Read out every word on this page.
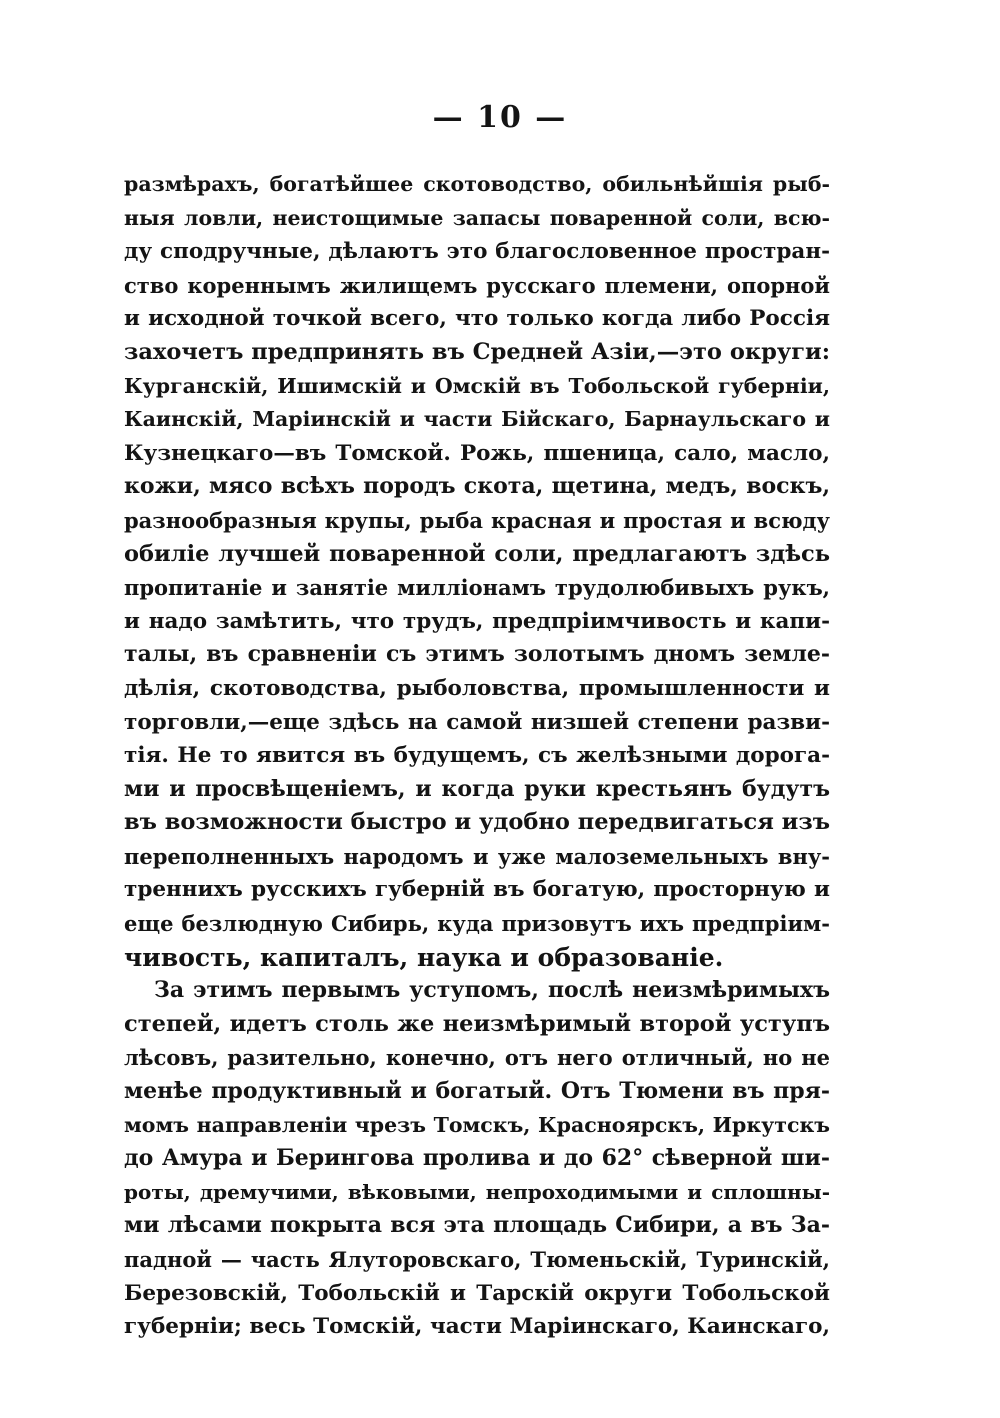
— 10 —
размѣрахъ, богатѣйшее скотоводство, обильнѣйшія рыб-
ныя ловли, неистощимые запасы поваренной соли, всю-
ду сподручные, дѣлаютъ это благословенное простран-
ство кореннымъ жилищемъ русскаго племени, опорной
и исходной точкой всего, что только когда либо Россія
захочетъ предпринять въ Средней Азіи,—это округи:
Курганскій, Ишимскій и Омскій въ Тобольской губерніи,
Каинскій, Маріинскій и части Бійскаго, Барнаульскаго и
Кузнецкаго—въ Томской. Рожь, пшеница, сало, масло,
кожи, мясо всѣхъ породъ скота, щетина, медъ, воскъ,
разнообразныя крупы, рыба красная и простая и всюду
обиліе лучшей поваренной соли, предлагаютъ здѣсь
пропитаніе и занятіе милліонамъ трудолюбивыхъ рукъ,
и надо замѣтить, что трудъ, предпріимчивость и капи-
талы, въ сравненіи съ этимъ золотымъ дномъ земле-
дѣлія, скотоводства, рыболовства, промышленности и
торговли,—еще здѣсь на самой низшей степени разви-
тія. Не то явится въ будущемъ, съ желѣзными дорога-
ми и просвѣщеніемъ, и когда руки крестьянъ будутъ
въ возможности быстро и удобно передвигаться изъ
переполненныхъ народомъ и уже малоземельныхъ вну-
треннихъ русскихъ губерній въ богатую, просторную и
еще безлюдную Сибирь, куда призовутъ ихъ предпріим-
чивость, капиталъ, наука и образованіе.
За этимъ первымъ уступомъ, послѣ неизмѣримыхъ
степей, идетъ столь же неизмѣримый второй уступъ
лѣсовъ, разительно, конечно, отъ него отличный, но не
менѣе продуктивный и богатый. Отъ Тюмени въ пря-
момъ направленіи чрезъ Томскъ, Красноярскъ, Иркутскъ
до Амура и Берингова пролива и до 62° сѣверной ши-
роты, дремучими, вѣковыми, непроходимыми и сплошны-
ми лѣсами покрыта вся эта площадь Сибири, а въ За-
падной — часть Ялуторовскаго, Тюменьскій, Туринскій,
Березовскій, Тобольскій и Тарскій округи Тобольской
губерніи; весь Томскій, части Маріинскаго, Каинскаго,
